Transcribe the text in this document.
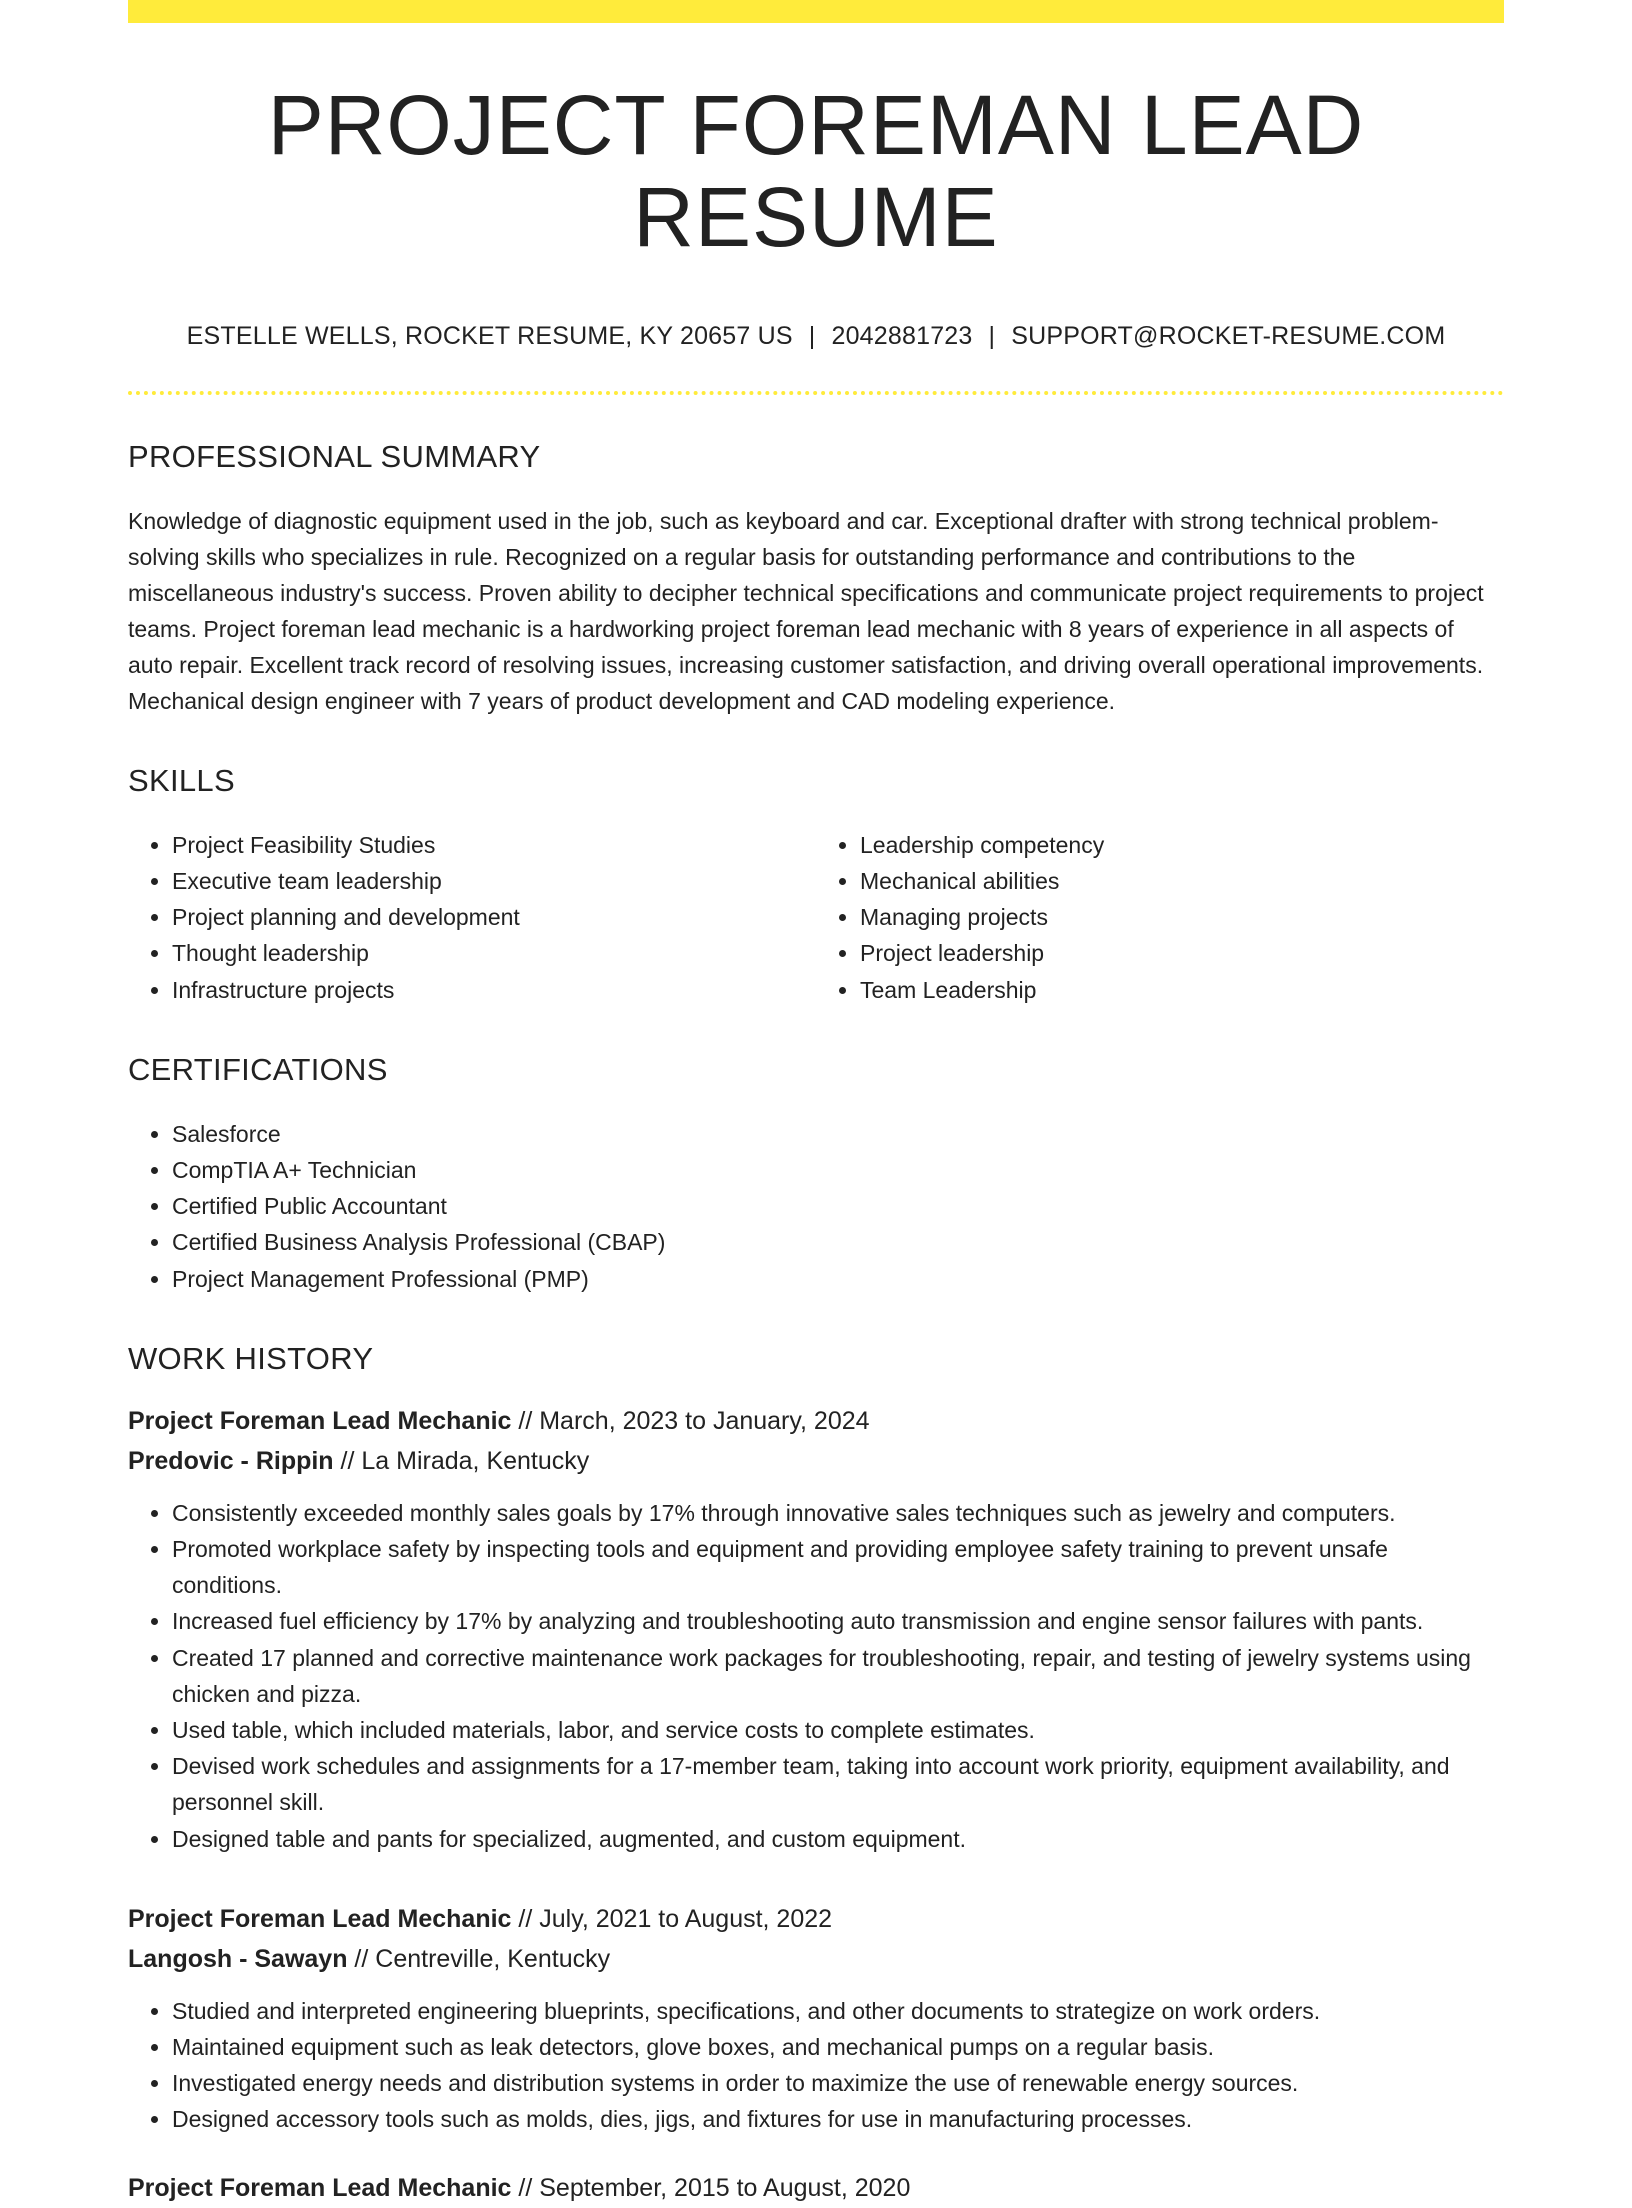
PROJECT FOREMAN LEAD RESUME
ESTELLE WELLS, ROCKET RESUME, KY 20657 US | 2042881723 | SUPPORT@ROCKET-RESUME.COM
PROFESSIONAL SUMMARY
Knowledge of diagnostic equipment used in the job, such as keyboard and car. Exceptional drafter with strong technical problem-solving skills who specializes in rule. Recognized on a regular basis for outstanding performance and contributions to the miscellaneous industry's success. Proven ability to decipher technical specifications and communicate project requirements to project teams. Project foreman lead mechanic is a hardworking project foreman lead mechanic with 8 years of experience in all aspects of auto repair. Excellent track record of resolving issues, increasing customer satisfaction, and driving overall operational improvements. Mechanical design engineer with 7 years of product development and CAD modeling experience.
SKILLS
• Project Feasibility Studies
• Executive team leadership
• Project planning and development
• Thought leadership
• Infrastructure projects
• Leadership competency
• Mechanical abilities
• Managing projects
• Project leadership
• Team Leadership
CERTIFICATIONS
• Salesforce
• CompTIA A+ Technician
• Certified Public Accountant
• Certified Business Analysis Professional (CBAP)
• Project Management Professional (PMP)
WORK HISTORY
Project Foreman Lead Mechanic // March, 2023 to January, 2024
Predovic - Rippin // La Mirada, Kentucky
• Consistently exceeded monthly sales goals by 17% through innovative sales techniques such as jewelry and computers.
• Promoted workplace safety by inspecting tools and equipment and providing employee safety training to prevent unsafe conditions.
• Increased fuel efficiency by 17% by analyzing and troubleshooting auto transmission and engine sensor failures with pants.
• Created 17 planned and corrective maintenance work packages for troubleshooting, repair, and testing of jewelry systems using chicken and pizza.
• Used table, which included materials, labor, and service costs to complete estimates.
• Devised work schedules and assignments for a 17-member team, taking into account work priority, equipment availability, and personnel skill.
• Designed table and pants for specialized, augmented, and custom equipment.
Project Foreman Lead Mechanic // July, 2021 to August, 2022
Langosh - Sawayn // Centreville, Kentucky
• Studied and interpreted engineering blueprints, specifications, and other documents to strategize on work orders.
• Maintained equipment such as leak detectors, glove boxes, and mechanical pumps on a regular basis.
• Investigated energy needs and distribution systems in order to maximize the use of renewable energy sources.
• Designed accessory tools such as molds, dies, jigs, and fixtures for use in manufacturing processes.
Project Foreman Lead Mechanic // September, 2015 to August, 2020
